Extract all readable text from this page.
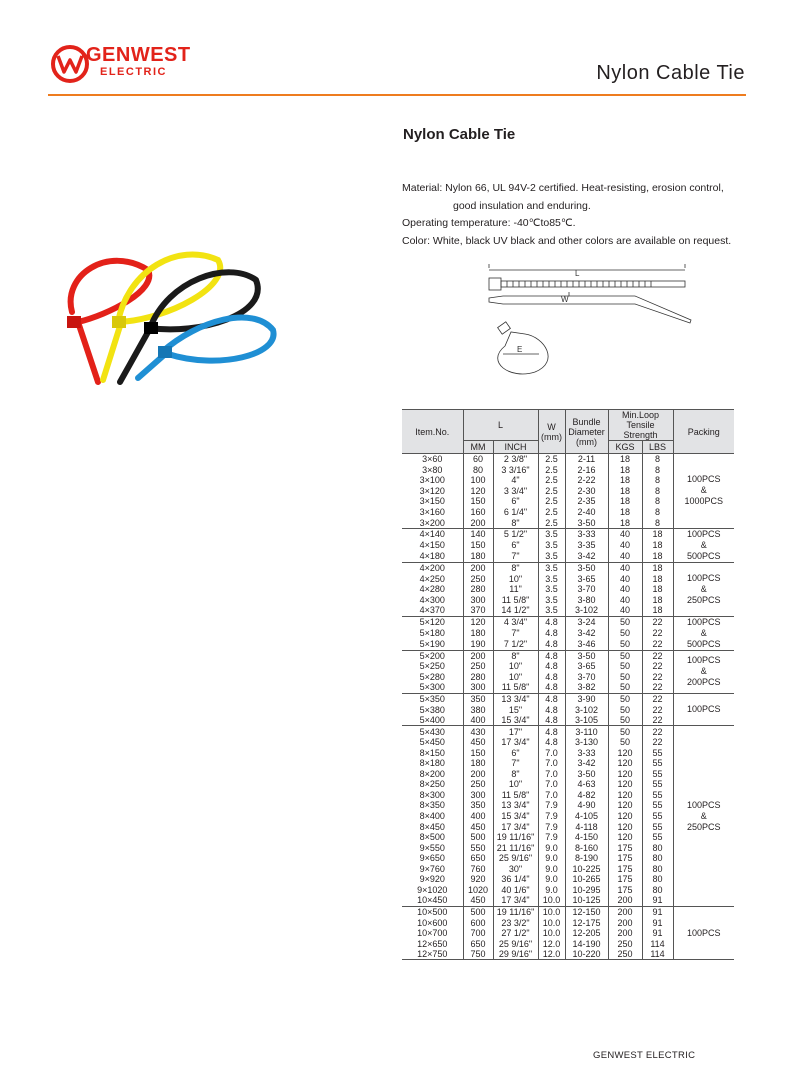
GENWEST
ELECTRIC	Nylon Cable Tie
Nylon Cable Tie
Material: Nylon 66, UL 94V-2 certified. Heat-resisting, erosion control,
good insulation and enduring.
Operating temperature: -40℃to85℃.
Color: White, black UV black and other colors are available on request.
L
W
E
Item.No.	L		W (mm)	Bundle Diameter (mm)	Min.Loop Tensile Strength		Packing
	MM	INCH			KGS	LBS	
3×60	60	2 3/8"	2.5	2-11	18	8	100PCS
&
1000PCS

3×80	80	3 3/16"	2.5	2-16	18	8	
3×100	100	4"	2.5	2-22	18	8	
3×120	120	3 3/4"	2.5	2-30	18	8	
3×150	150	6"	2.5	2-35	18	8	
3×160	160	6 1/4"	2.5	2-40	18	8	
3×200	200	8"	2.5	3-50	18	8	
4×140	140	5 1/2"	3.5	3-33	40	18	100PCS
&
500PCS

4×150	150	6"	3.5	3-35	40	18	
4×180	180	7"	3.5	3-42	40	18	
4×200	200	8"	3.5	3-50	40	18	100PCS
&
250PCS

4×250	250	10"	3.5	3-65	40	18	
4×280	280	11"	3.5	3-70	40	18	
4×300	300	11 5/8"	3.5	3-80	40	18	
4×370	370	14 1/2"	3.5	3-102	40	18	
5×120	120	4 3/4"	4.8	3-24	50	22	100PCS
&
500PCS

5×180	180	7"	4.8	3-42	50	22	
5×190	190	7 1/2"	4.8	3-46	50	22	
5×200	200	8"	4.8	3-50	50	22	100PCS
&
200PCS

5×250	250	10"	4.8	3-65	50	22	
5×280	280	10"	4.8	3-70	50	22	
5×300	300	11 5/8"	4.8	3-82	50	22	
5×350	350	13 3/4"	4.8	3-90	50	22	100PCS

5×380	380	15"	4.8	3-102	50	22	
5×400	400	15 3/4"	4.8	3-105	50	22	
5×430	430	17"	4.8	3-110	50	22	100PCS
&
250PCS

5×450	450	17 3/4"	4.8	3-130	50	22	
8×150	150	6"	7.0	3-33	120	55	
8×180	180	7"	7.0	3-42	120	55	
8×200	200	8"	7.0	3-50	120	55	
8×250	250	10"	7.0	4-63	120	55	
8×300	300	11 5/8"	7.0	4-82	120	55	
8×350	350	13 3/4"	7.9	4-90	120	55	
8×400	400	15 3/4"	7.9	4-105	120	55	
8×450	450	17 3/4"	7.9	4-118	120	55	
8×500	500	19 11/16"	7.9	4-150	120	55	
9×550	550	21 11/16"	9.0	8-160	175	80	
9×650	650	25 9/16"	9.0	8-190	175	80	
9×760	760	30"	9.0	10-225	175	80	
9×920	920	36 1/4"	9.0	10-265	175	80	
9×1020	1020	40 1/6"	9.0	10-295	175	80	
10×450	450	17 3/4"	10.0	10-125	200	91	
10×500	500	19 11/16"	10.0	12-150	200	91	100PCS

10×600	600	23 3/2"	10.0	12-175	200	91	
10×700	700	27 1/2"	10.0	12-205	200	91	
12×650	650	25 9/16"	12.0	14-190	250	114	
12×750	750	29 9/16"	12.0	10-220	250	114	
GENWEST ELECTRIC
